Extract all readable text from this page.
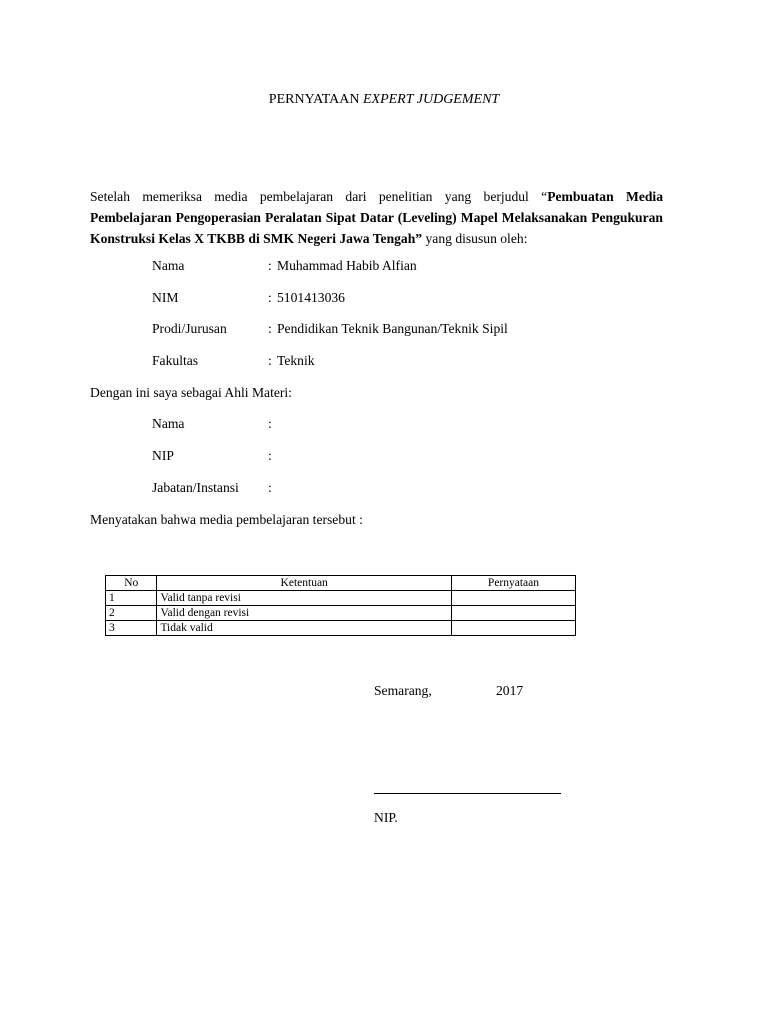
PERNYATAAN EXPERT JUDGEMENT
Setelah memeriksa media pembelajaran dari penelitian yang berjudul “Pembuatan Media Pembelajaran Pengoperasian Peralatan Sipat Datar (Leveling) Mapel Melaksanakan Pengukuran Konstruksi Kelas X TKBB di SMK Negeri Jawa Tengah” yang disusun oleh:
Nama	: Muhammad Habib Alfian
NIM	: 5101413036
Prodi/Jurusan	: Pendidikan Teknik Bangunan/Teknik Sipil
Fakultas	: Teknik
Dengan ini saya sebagai Ahli Materi:
Nama	:
NIP	:
Jabatan/Instansi :
Menyatakan bahwa media pembelajaran tersebut :
No	Ketentuan	Pernyataan
1	Valid tanpa revisi	
2	Valid dengan revisi	
3	Tidak valid	
Semarang,	2017
NIP.
